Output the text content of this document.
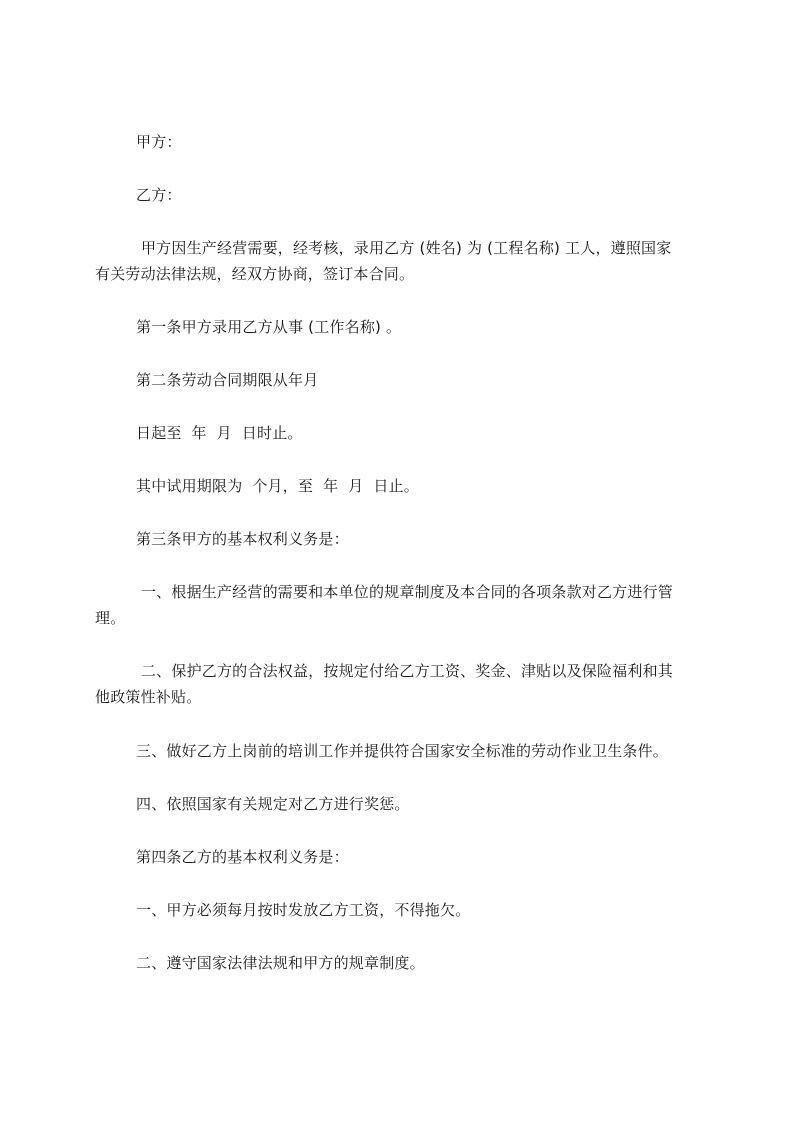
甲方：
乙方：
甲方因生产经营需要，经考核，录用乙方 (姓名) 为 (工程名称) 工人，遵照国家
有关劳动法律法规，经双方协商，签订本合同。
第一条甲方录用乙方从事 (工作名称) 。
第二条劳动合同期限从年月
日起至  年  月  日时止。
其中试用期限为  个月，至  年  月  日止。
第三条甲方的基本权利义务是：
一、根据生产经营的需要和本单位的规章制度及本合同的各项条款对乙方进行管
理。
二、保护乙方的合法权益，按规定付给乙方工资、奖金、津贴以及保险福利和其
他政策性补贴。
三、做好乙方上岗前的培训工作并提供符合国家安全标准的劳动作业卫生条件。
四、依照国家有关规定对乙方进行奖惩。
第四条乙方的基本权利义务是：
一、甲方必须每月按时发放乙方工资，不得拖欠。
二、遵守国家法律法规和甲方的规章制度。
